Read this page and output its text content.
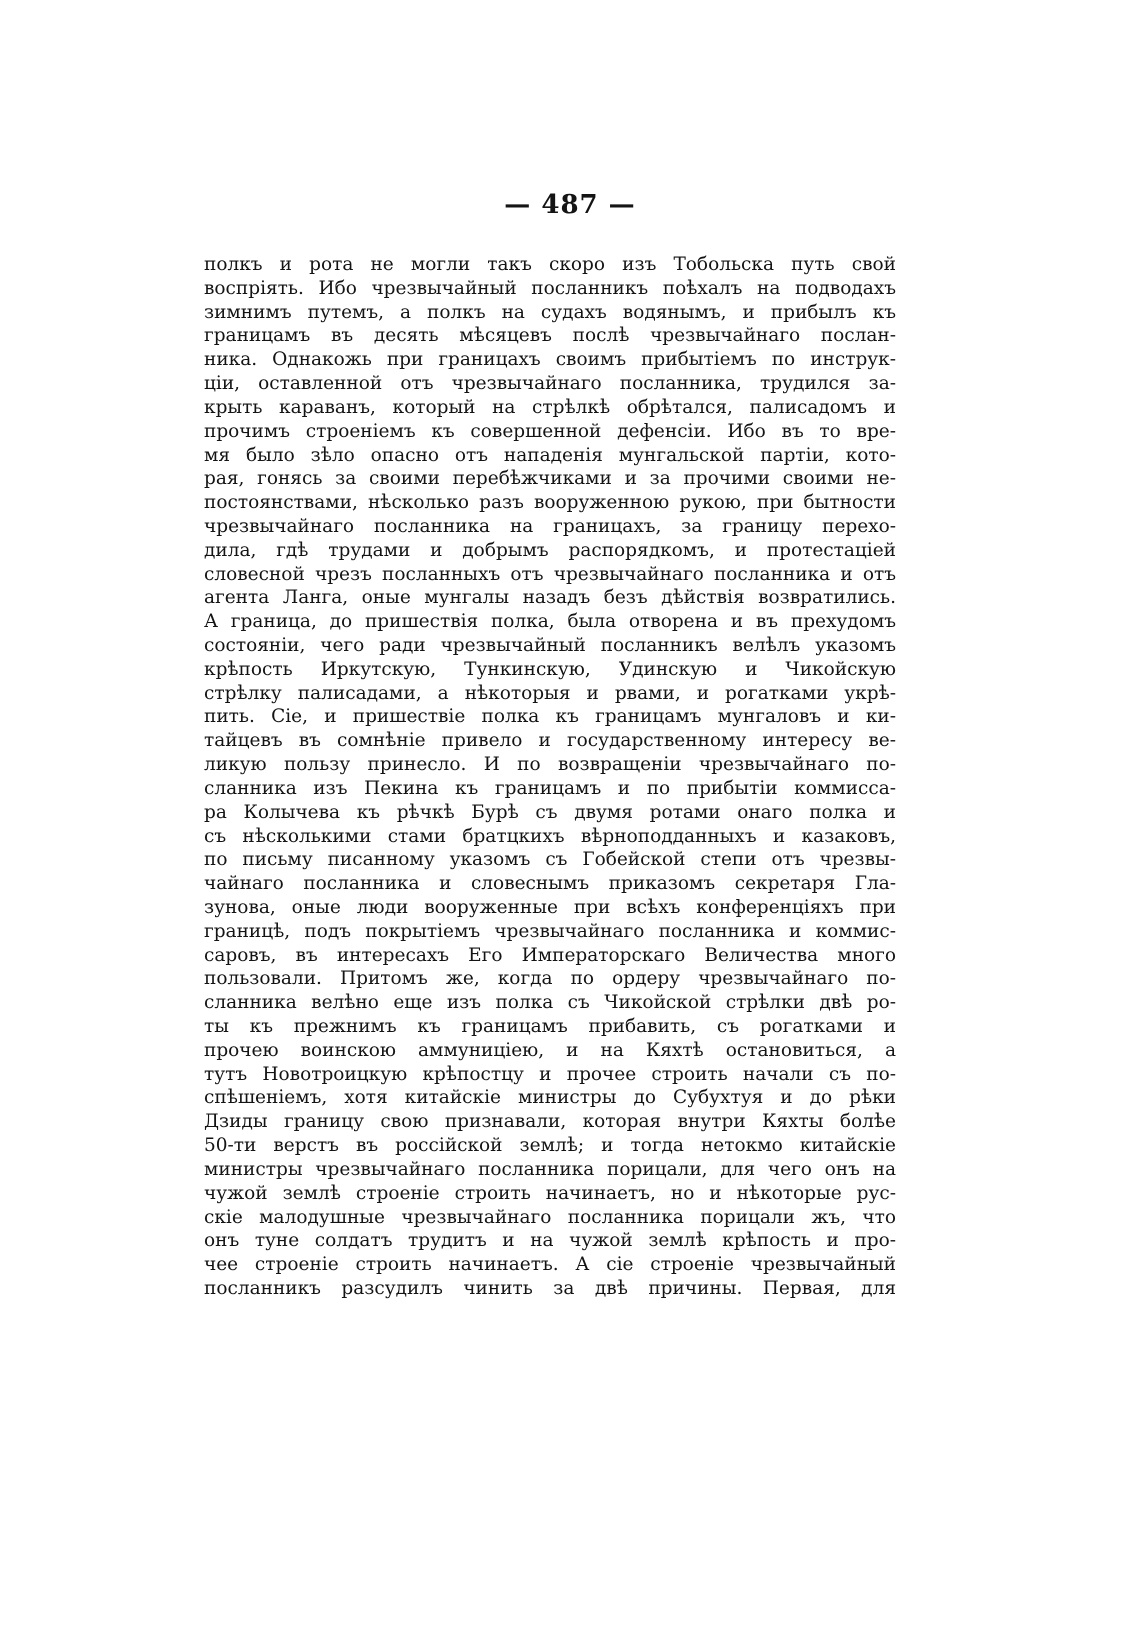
— 487 —
полкъ и рота не могли такъ скоро изъ Тобольска путь свой
воспріять. Ибо чрезвычайный посланникъ поѣхалъ на подводахъ
зимнимъ путемъ, а полкъ на судахъ водянымъ, и прибылъ къ
границамъ въ десять мѣсяцевъ послѣ чрезвычайнаго послан-
ника. Однакожь при границахъ своимъ прибытіемъ по инструк-
ціи, оставленной отъ чрезвычайнаго посланника, трудился за-
крыть караванъ, который на стрѣлкѣ обрѣтался, палисадомъ и
прочимъ строеніемъ къ совершенной дефенсіи. Ибо въ то вре-
мя было зѣло опасно отъ нападенія мунгальской партіи, кото-
рая, гонясь за своими перебѣжчиками и за прочими своими не-
постоянствами, нѣсколько разъ вооруженною рукою, при бытности
чрезвычайнаго посланника на границахъ, за границу перехо-
дила, гдѣ трудами и добрымъ распорядкомъ, и протестаціей
словесной чрезъ посланныхъ отъ чрезвычайнаго посланника и отъ
агента Ланга, оные мунгалы назадъ безъ дѣйствія возвратились.
А граница, до пришествія полка, была отворена и въ прехудомъ
состояніи, чего ради чрезвычайный посланникъ велѣлъ указомъ
крѣпость Иркутскую, Тункинскую, Удинскую и Чикойскую
стрѣлку палисадами, а нѣкоторыя и рвами, и рогатками укрѣ-
пить. Сіе, и пришествіе полка къ границамъ мунгаловъ и ки-
тайцевъ въ сомнѣніе привело и государственному интересу ве-
ликую пользу принесло. И по возвращеніи чрезвычайнаго по-
сланника изъ Пекина къ границамъ и по прибытіи коммисса-
ра Колычева къ рѣчкѣ Бурѣ съ двумя ротами онаго полка и
съ нѣсколькими стами братцкихъ вѣрноподданныхъ и казаковъ,
по письму писанному указомъ съ Гобейской степи отъ чрезвы-
чайнаго посланника и словеснымъ приказомъ секретаря Гла-
зунова, оные люди вооруженные при всѣхъ конференціяхъ при
границѣ, подъ покрытіемъ чрезвычайнаго посланника и коммис-
саровъ, въ интересахъ Его Императорскаго Величества много
пользовали. Притомъ же, когда по ордеру чрезвычайнаго по-
сланника велѣно еще изъ полка съ Чикойской стрѣлки двѣ ро-
ты къ прежнимъ къ границамъ прибавить, съ рогатками и
прочею воинскою аммуниціею, и на Кяхтѣ остановиться, а
тутъ Новотроицкую крѣпостцу и прочее строить начали съ по-
спѣшеніемъ, хотя китайскіе министры до Субухтуя и до рѣки
Дзиды границу свою признавали, которая внутри Кяхты болѣе
50-ти верстъ въ россійской землѣ; и тогда нетокмо китайскіе
министры чрезвычайнаго посланника порицали, для чего онъ на
чужой землѣ строеніе строить начинаетъ, но и нѣкоторые рус-
скіе малодушные чрезвычайнаго посланника порицали жъ, что
онъ туне солдатъ трудитъ и на чужой землѣ крѣпость и про-
чее строеніе строить начинаетъ. А сіе строеніе чрезвычайный
посланникъ разсудилъ чинить за двѣ причины. Первая, для
